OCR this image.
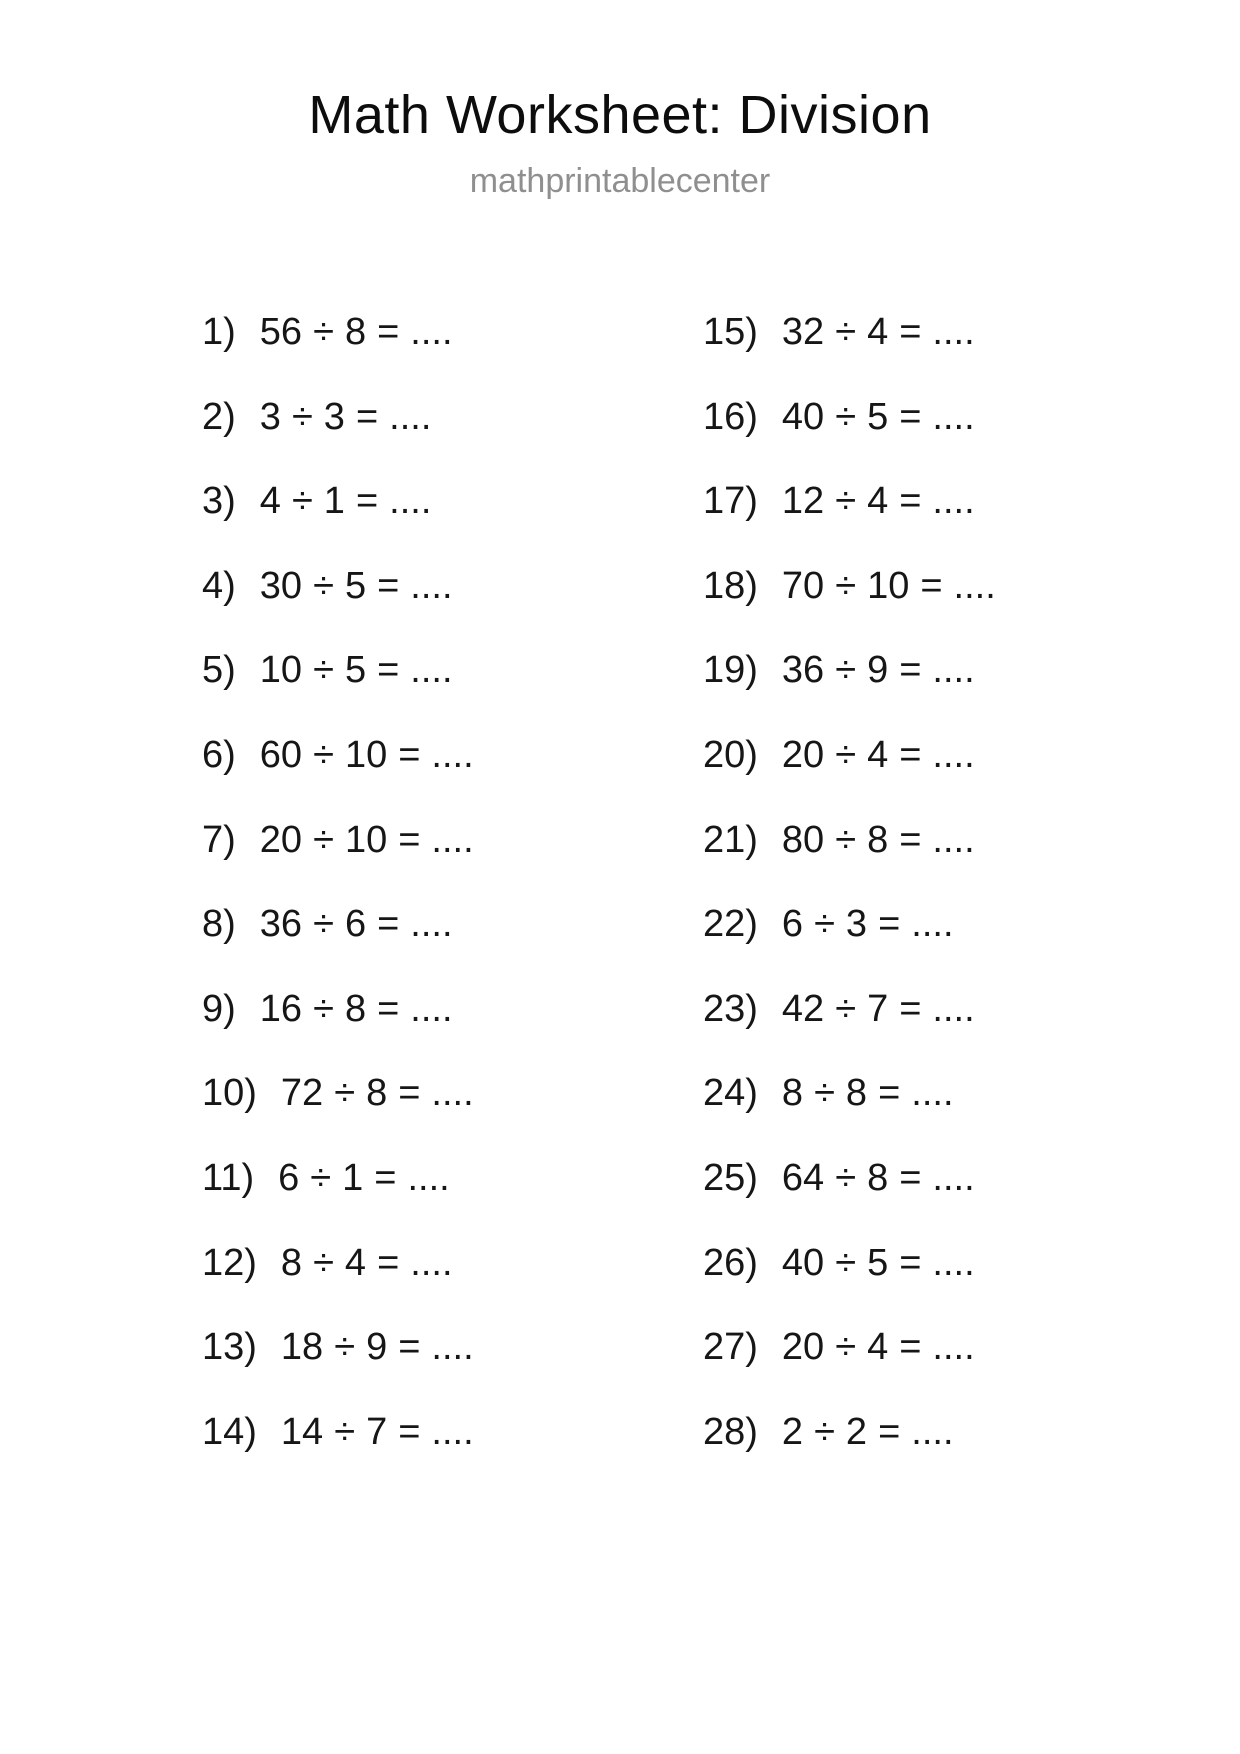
Math Worksheet: Division
mathprintablecenter
1) 56 ÷ 8 = ....
2) 3 ÷ 3 = ....
3) 4 ÷ 1 = ....
4) 30 ÷ 5 = ....
5) 10 ÷ 5 = ....
6) 60 ÷ 10 = ....
7) 20 ÷ 10 = ....
8) 36 ÷ 6 = ....
9) 16 ÷ 8 = ....
10) 72 ÷ 8 = ....
11) 6 ÷ 1 = ....
12) 8 ÷ 4 = ....
13) 18 ÷ 9 = ....
14) 14 ÷ 7 = ....
15) 32 ÷ 4 = ....
16) 40 ÷ 5 = ....
17) 12 ÷ 4 = ....
18) 70 ÷ 10 = ....
19) 36 ÷ 9 = ....
20) 20 ÷ 4 = ....
21) 80 ÷ 8 = ....
22) 6 ÷ 3 = ....
23) 42 ÷ 7 = ....
24) 8 ÷ 8 = ....
25) 64 ÷ 8 = ....
26) 40 ÷ 5 = ....
27) 20 ÷ 4 = ....
28) 2 ÷ 2 = ....
